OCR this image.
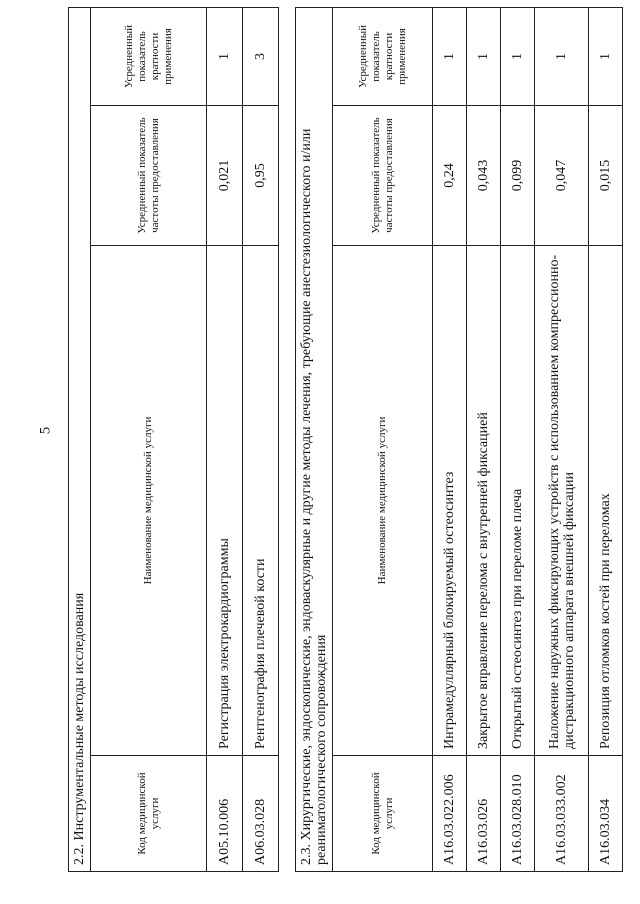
5
2.2. Инструментальные методы исследования			
Код медицинской услуги	Наименование медицинской услуги	Усредненный показатель частоты предоставления	Усредненный показатель кратности применения
A05.10.006	Регистрация электрокардиограммы	0,021	1
A06.03.028	Рентгенография плечевой кости	0,95	3
2.3. Хирургические, эндоскопические, эндоваскулярные и другие методы лечения, требующие анестезиологического и/или реаниматологического сопровождения			
Код медицинской услуги	Наименование медицинской услуги	Усредненный показатель частоты предоставления	Усредненный показатель кратности применения
A16.03.022.006	Интрамедуллярный блокируемый остеосинтез	0,24	1
A16.03.026	Закрытое вправление перелома с внутренней фиксацией	0,043	1
A16.03.028.010	Открытый остеосинтез при переломе плеча	0,099	1
A16.03.033.002	Наложение наружных фиксирующих устройств с использованием компрессионно-дистракционного аппарата внешней фиксации	0,047	1
A16.03.034	Репозиция отломков костей при переломах	0,015	1
